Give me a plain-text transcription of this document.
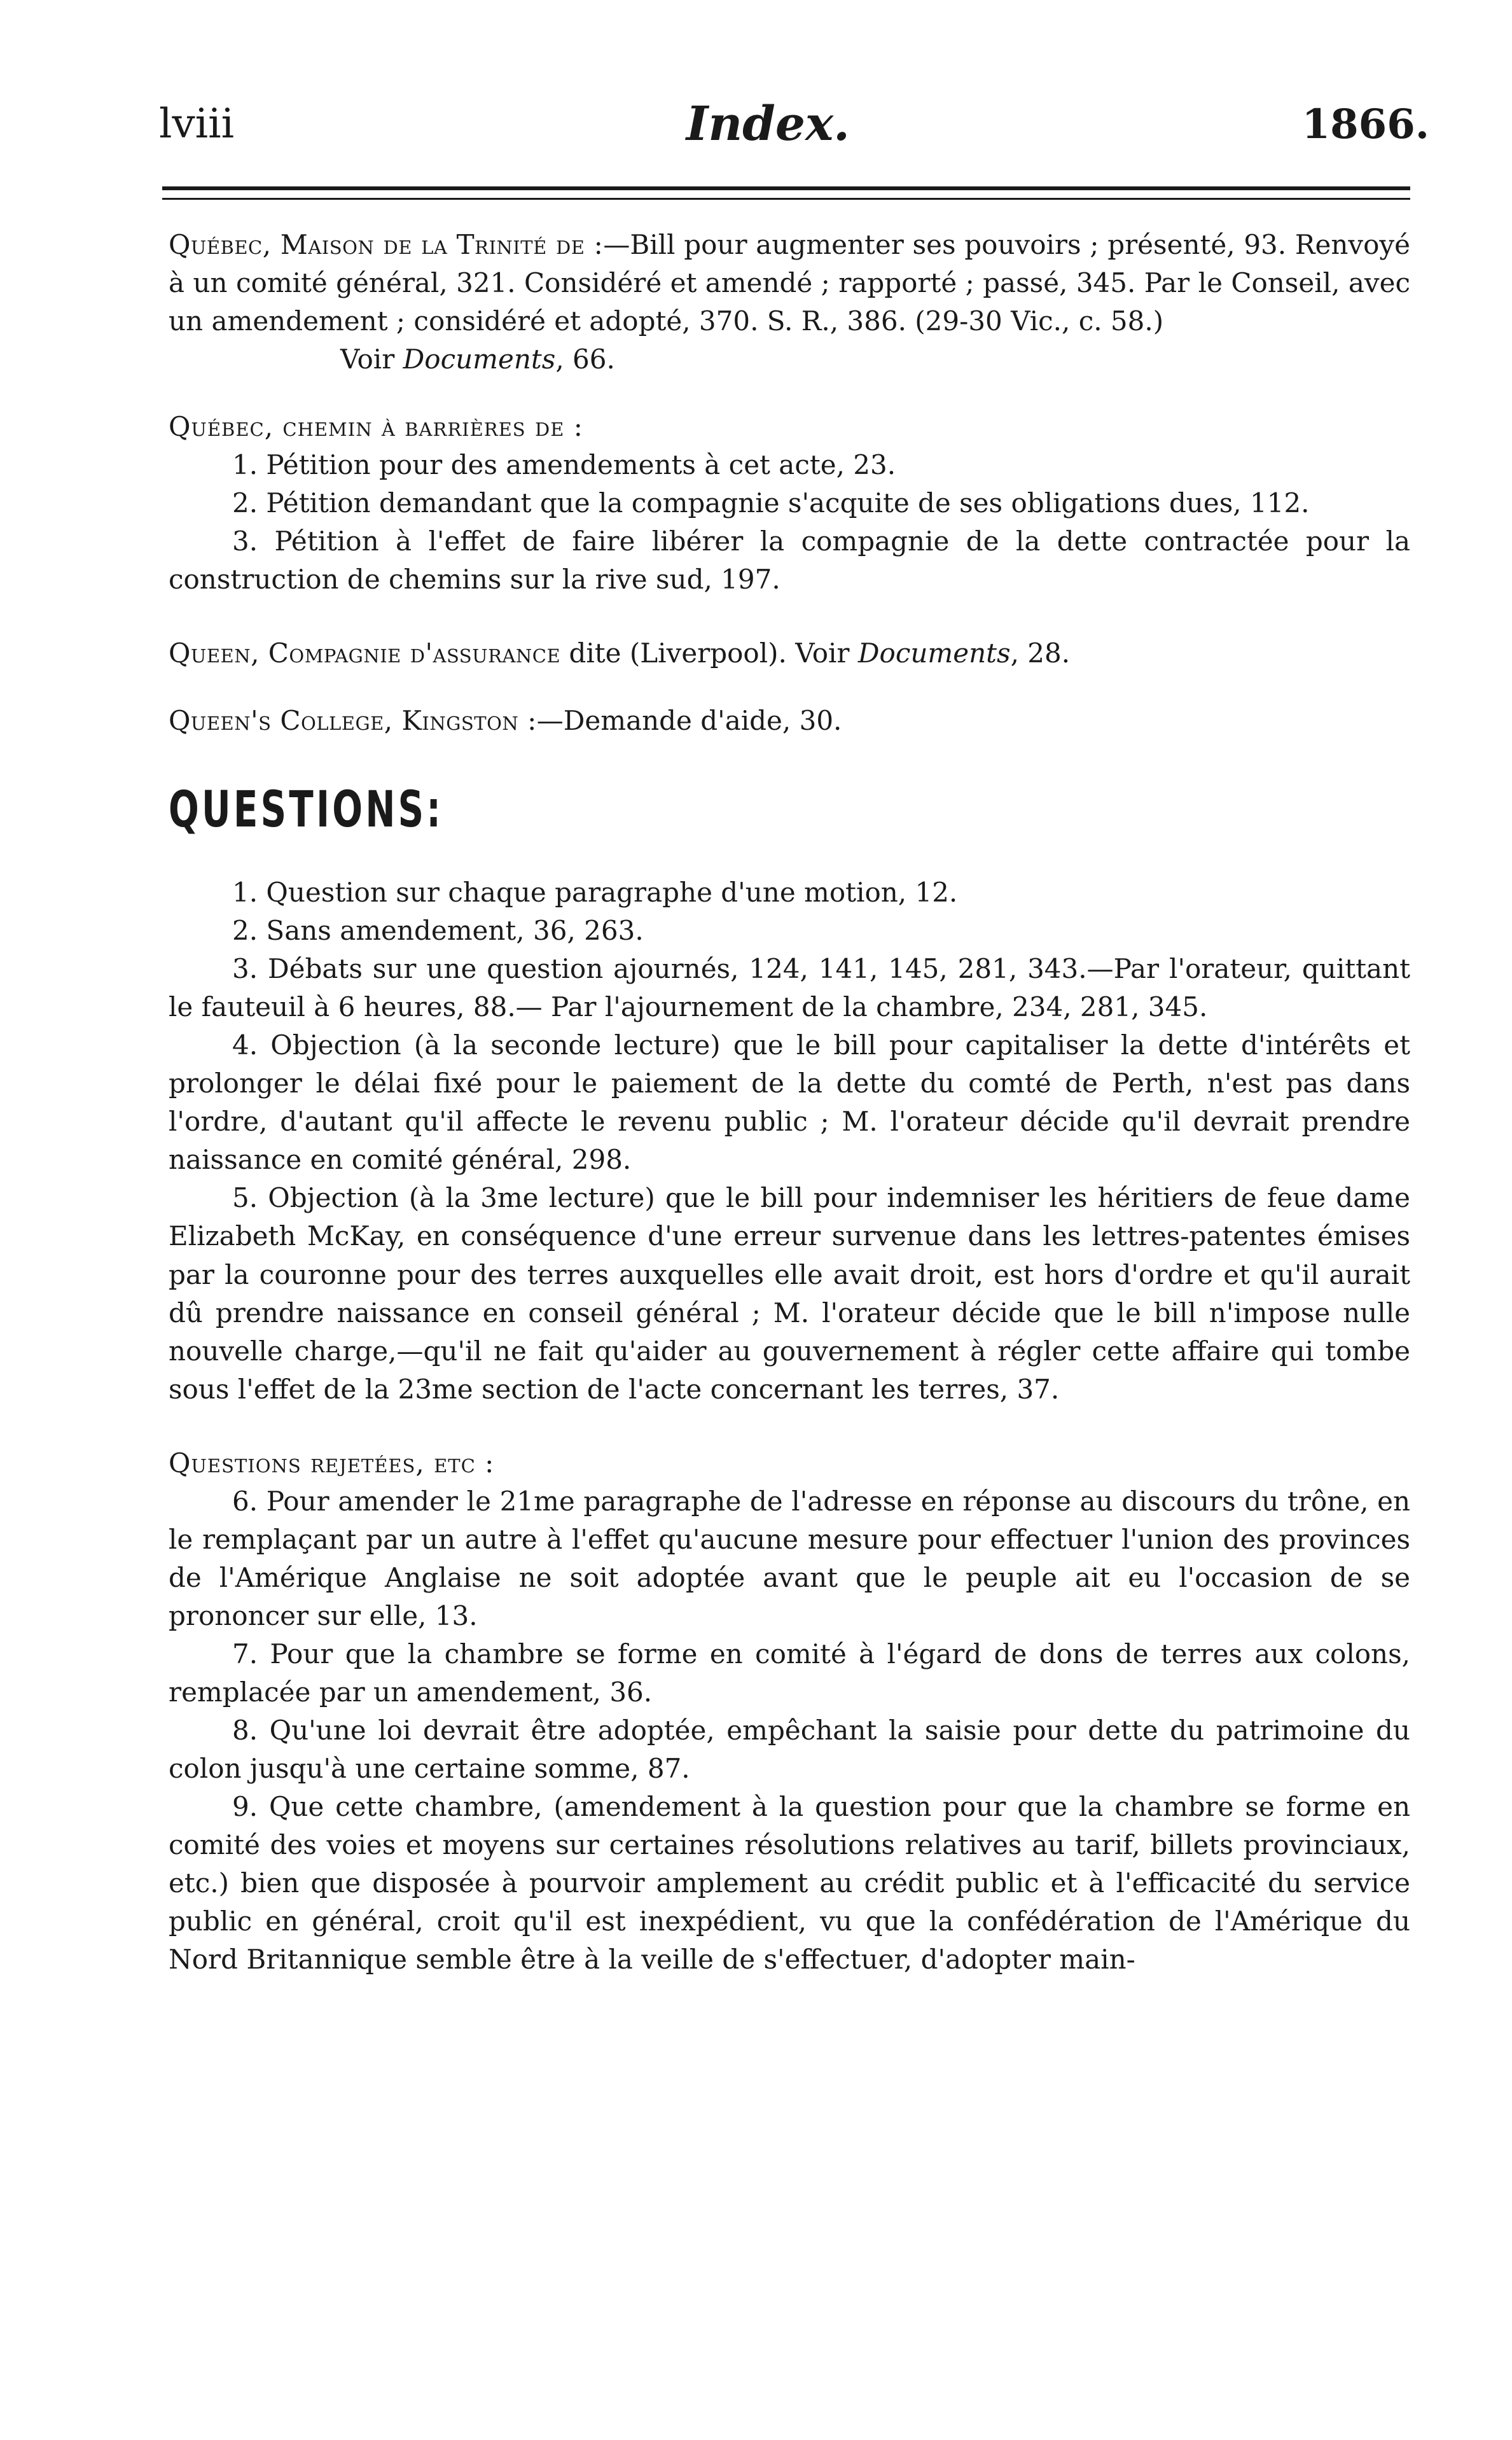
lviii	Index.	1866.

Québec, Maison de la Trinité de :—Bill pour augmenter ses pouvoirs ; présenté, 93. Renvoyé à un comité général, 321. Considéré et amendé ; rapporté ; passé, 345. Par le Conseil, avec un amendement ; considéré et adopté, 370. S. R., 386. (29-30 Vic., c. 58.)

Voir Documents, 66.

Québec, chemin à barrières de :

1. Pétition pour des amendements à cet acte, 23.

2. Pétition demandant que la compagnie s'acquite de ses obligations dues, 112.

3. Pétition à l'effet de faire libérer la compagnie de la dette contractée pour la construction de chemins sur la rive sud, 197.

Queen, Compagnie d'assurance dite (Liverpool). Voir Documents, 28.

Queen's College, Kingston :—Demande d'aide, 30.

QUESTIONS:

1. Question sur chaque paragraphe d'une motion, 12.

2. Sans amendement, 36, 263.

3. Débats sur une question ajournés, 124, 141, 145, 281, 343.—Par l'orateur, quittant le fauteuil à 6 heures, 88.— Par l'ajournement de la chambre, 234, 281, 345.

4. Objection (à la seconde lecture) que le bill pour capitaliser la dette d'intérêts et prolonger le délai fixé pour le paiement de la dette du comté de Perth, n'est pas dans l'ordre, d'autant qu'il affecte le revenu public ; M. l'orateur décide qu'il devrait prendre naissance en comité général, 298.

5. Objection (à la 3me lecture) que le bill pour indemniser les héritiers de feue dame Elizabeth McKay, en conséquence d'une erreur survenue dans les lettres-patentes émises par la couronne pour des terres auxquelles elle avait droit, est hors d'ordre et qu'il aurait dû prendre naissance en conseil général ; M. l'orateur décide que le bill n'impose nulle nouvelle charge,—qu'il ne fait qu'aider au gouvernement à régler cette affaire qui tombe sous l'effet de la 23me section de l'acte concernant les terres, 37.

Questions rejetées, etc :

6. Pour amender le 21me paragraphe de l'adresse en réponse au discours du trône, en le remplaçant par un autre à l'effet qu'aucune mesure pour effectuer l'union des provinces de l'Amérique Anglaise ne soit adoptée avant que le peuple ait eu l'occasion de se prononcer sur elle, 13.

7. Pour que la chambre se forme en comité à l'égard de dons de terres aux colons, remplacée par un amendement, 36.

8. Qu'une loi devrait être adoptée, empêchant la saisie pour dette du patrimoine du colon jusqu'à une certaine somme, 87.

9. Que cette chambre, (amendement à la question pour que la chambre se forme en comité des voies et moyens sur certaines résolutions relatives au tarif, billets provinciaux, etc.) bien que disposée à pourvoir amplement au crédit public et à l'efficacité du service public en général, croit qu'il est inexpédient, vu que la confédération de l'Amérique du Nord Britannique semble être à la veille de s'effectuer, d'adopter main-
